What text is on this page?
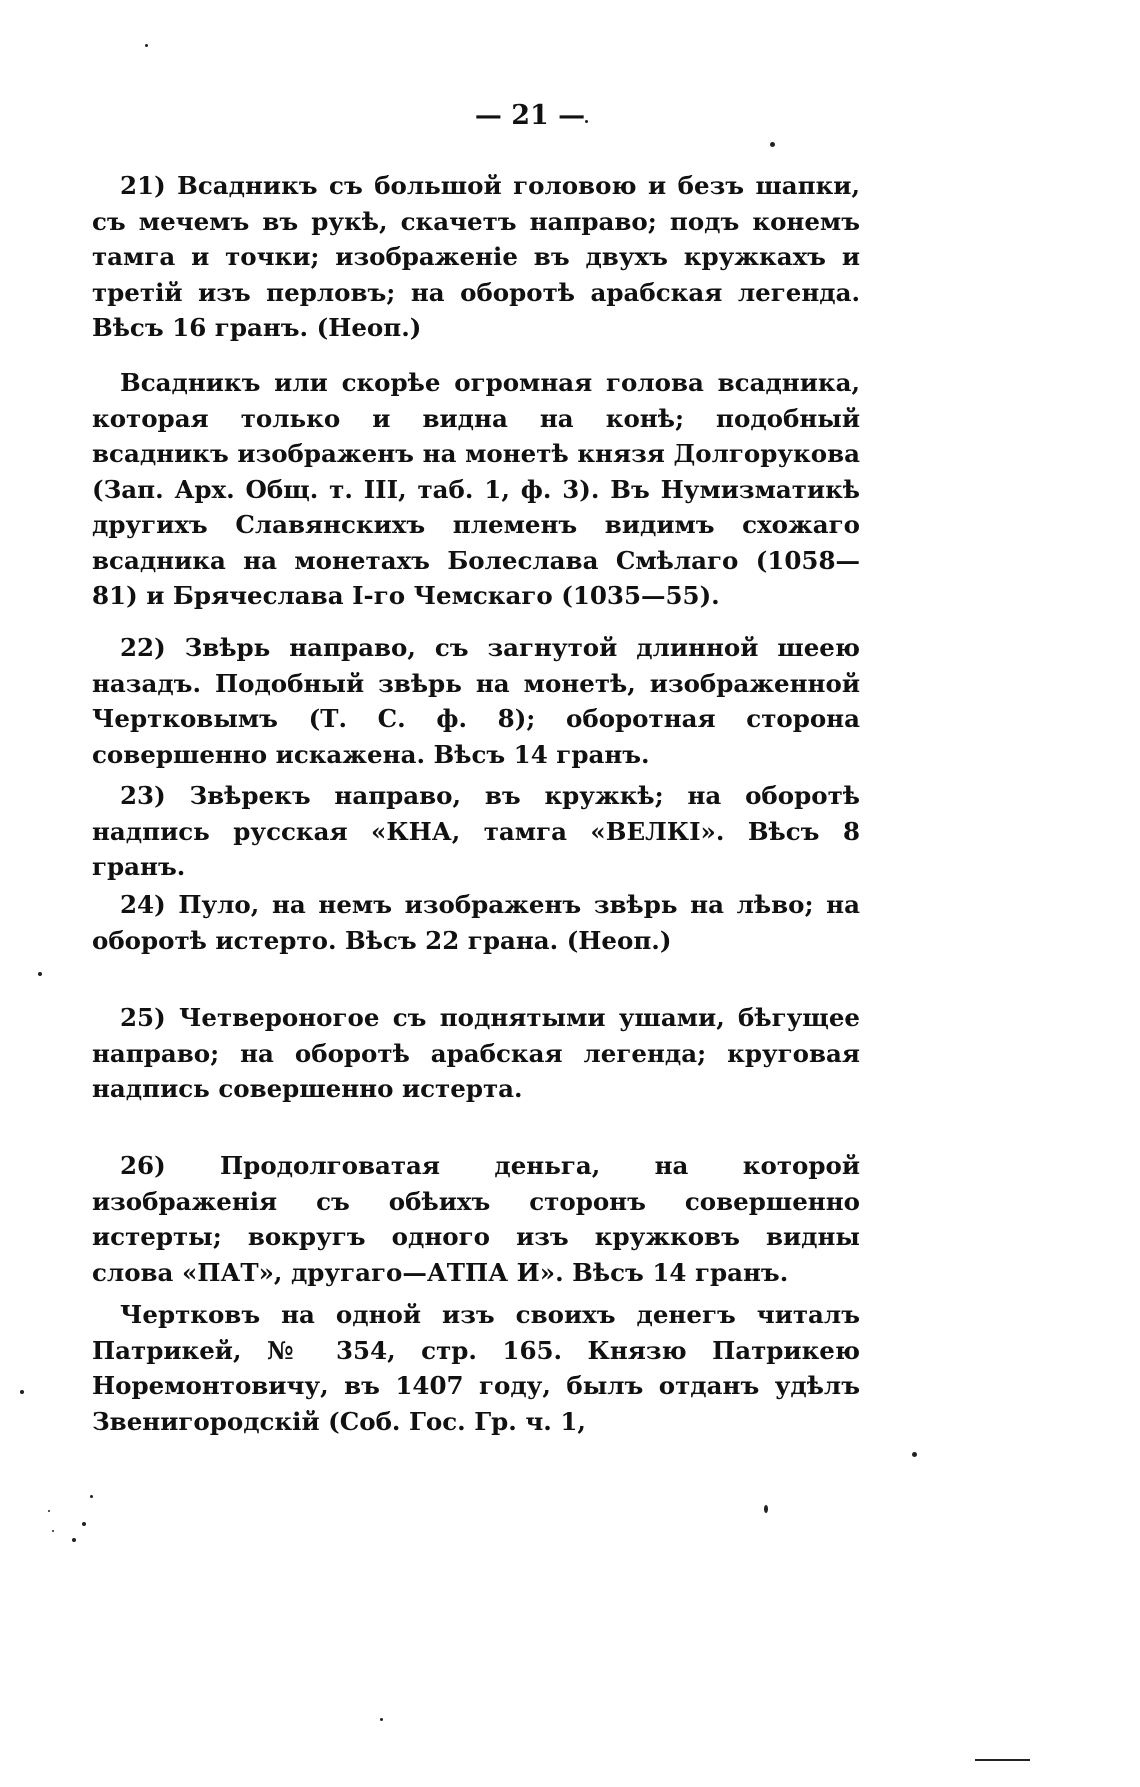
— 21 —

21) Всадникъ съ большой головою и безъ шапки, съ мечемъ въ рукѣ, скачетъ направо; подъ конемъ тамга и точки; изображеніе въ двухъ кружкахъ и третій изъ перловъ; на оборотѣ арабская легенда. Вѣсъ 16 гранъ. (Неоп.)

Всадникъ или скорѣе огромная голова всадника, которая только и видна на конѣ; подобный всадникъ изображенъ на монетѣ князя Долгорукова (Зап. Арх. Общ. т. III, таб. 1, ф. 3). Въ Нумизматикѣ другихъ Славянскихъ племенъ видимъ схожаго всадника на монетахъ Болеслава Смѣлаго (1058—81) и Брячеслава I-го Чемскаго (1035—55).

22) Звѣрь направо, съ загнутой длинной шеею назадъ. Подобный звѣрь на монетѣ, изображенной Чертковымъ (Т. С. ф. 8); оборотная сторона совершенно искажена. Вѣсъ 14 гранъ.

23) Звѣрекъ направо, въ кружкѣ; на оборотѣ надпись русская «КНА, тамга «ВЕЛКІ». Вѣсъ 8 гранъ.

24) Пуло, на немъ изображенъ звѣрь на лѣво; на оборотѣ истерто. Вѣсъ 22 грана. (Неоп.)

25) Четвероногое съ поднятыми ушами, бѣгущее направо; на оборотѣ арабская легенда; круговая надпись совершенно истерта.

26) Продолговатая деньга, на которой изображенія съ обѣихъ сторонъ совершенно истерты; вокругъ одного изъ кружковъ видны слова «ПАТ», другаго—АТПА И». Вѣсъ 14 гранъ.

Чертковъ на одной изъ своихъ денегъ читалъ Патрикей, № 354, стр. 165. Князю Патрикею Норемонтовичу, въ 1407 году, былъ отданъ удѣлъ Звенигородскій (Соб. Гос. Гр. ч. 1,
